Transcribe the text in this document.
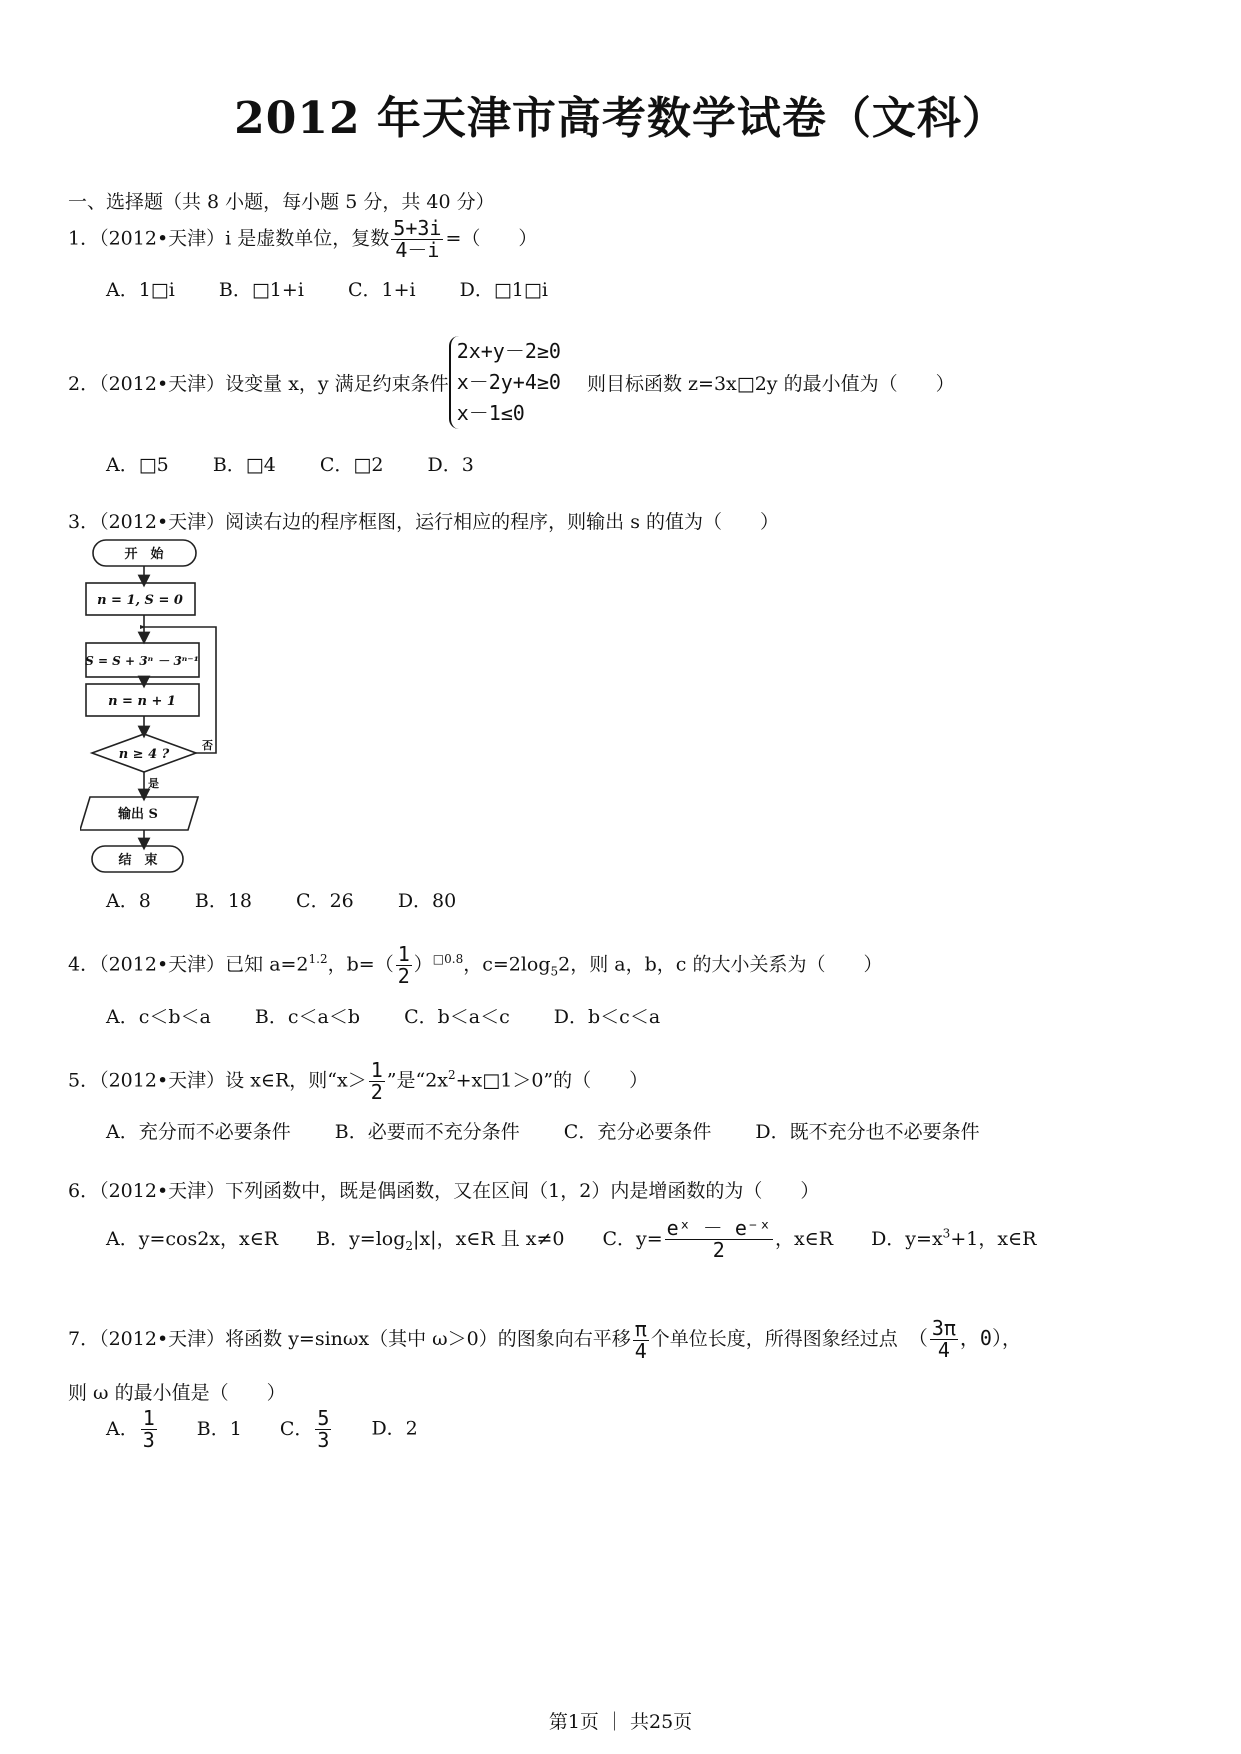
2012 年天津市高考数学试卷（文科）
一、选择题（共 8 小题，每小题 5 分，共 40 分）
1．（2012•天津）i 是虚数单位，复数 $\frac{5+3i}{4-i}$ =（　　）
A．1□i B．□1+i C．1+i D．□1□i
2．（2012•天津）设变量 x，y 满足约束条件
2x+y－2≥0
x－2y+4≥0
x－1≤0
则目标函数 z=3x□2y 的最小值为（　　）
A．□5 B．□4 C．□2 D．3
3．（2012•天津）阅读右边的程序框图，运行相应的程序，则输出 s 的值为（　　）
开　始
n = 1, S = 0
S = S + 3ⁿ － 3ⁿ⁻¹
n = n + 1
n ≥ 4 ?
否
是
输出 S
结　束
A．8 B．18 C．26 D．80
4．（2012•天津）已知 $a=2^{1.2}$，$b=( \frac{1}{2} )^{□0.8}$，$c=2\log_52$，则 a，b，c 的大小关系为（　　）
A．c＜b＜a B．c＜a＜b C．b＜a＜c D．b＜c＜a
5．（2012•天津）设 x∈R，则“$x> \frac{1}{2}$ ”是“$2x^2+x□1>0$”的（　　）
A．充分而不必要条件 B．必要而不充分条件 C．充分必要条件 D．既不充分也不必要条件
6．（2012•天津）下列函数中，既是偶函数，又在区间（1，2）内是增函数的为（　　）
A．y=cos2x，x∈R B．$y=\log_2|x|$，x∈R 且 x≠0 C．$y= \frac{\text{eˣ － e⁻ˣ}}{2}$ ，x∈R D．$y=x^3+1$，x∈R
7．（2012•天津）将函数 y=sinωx（其中 ω＞0）的图象向右平移 $\frac{\pi}{4}$ 个单位长度，所得图象经过点 （ $\frac{3\pi}{4}$ ，0），
则 ω 的最小值是（　　）
A． $\frac{1}{3}$ B．1 C． $\frac{5}{3}$ D．2
第1页 ｜ 共25页
